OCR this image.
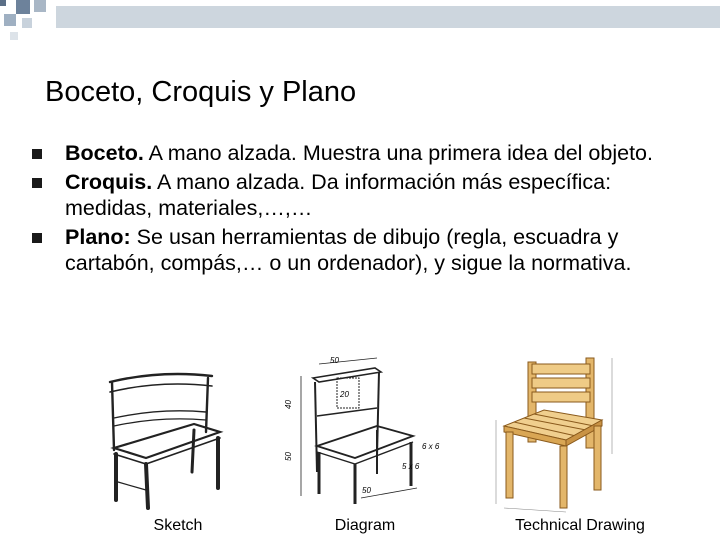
Boceto, Croquis y Plano
Boceto. A mano alzada. Muestra una primera idea del objeto.
Croquis. A mano alzada. Da información más específica: medidas, materiales,…,…
Plano: Se usan herramientas de dibujo (regla, escuadra y cartabón, compás,… o un ordenador), y sigue la normativa.
50
40
20
50
6 x 6
50
5 x 6
Sketch	Diagram	Technical Drawing
